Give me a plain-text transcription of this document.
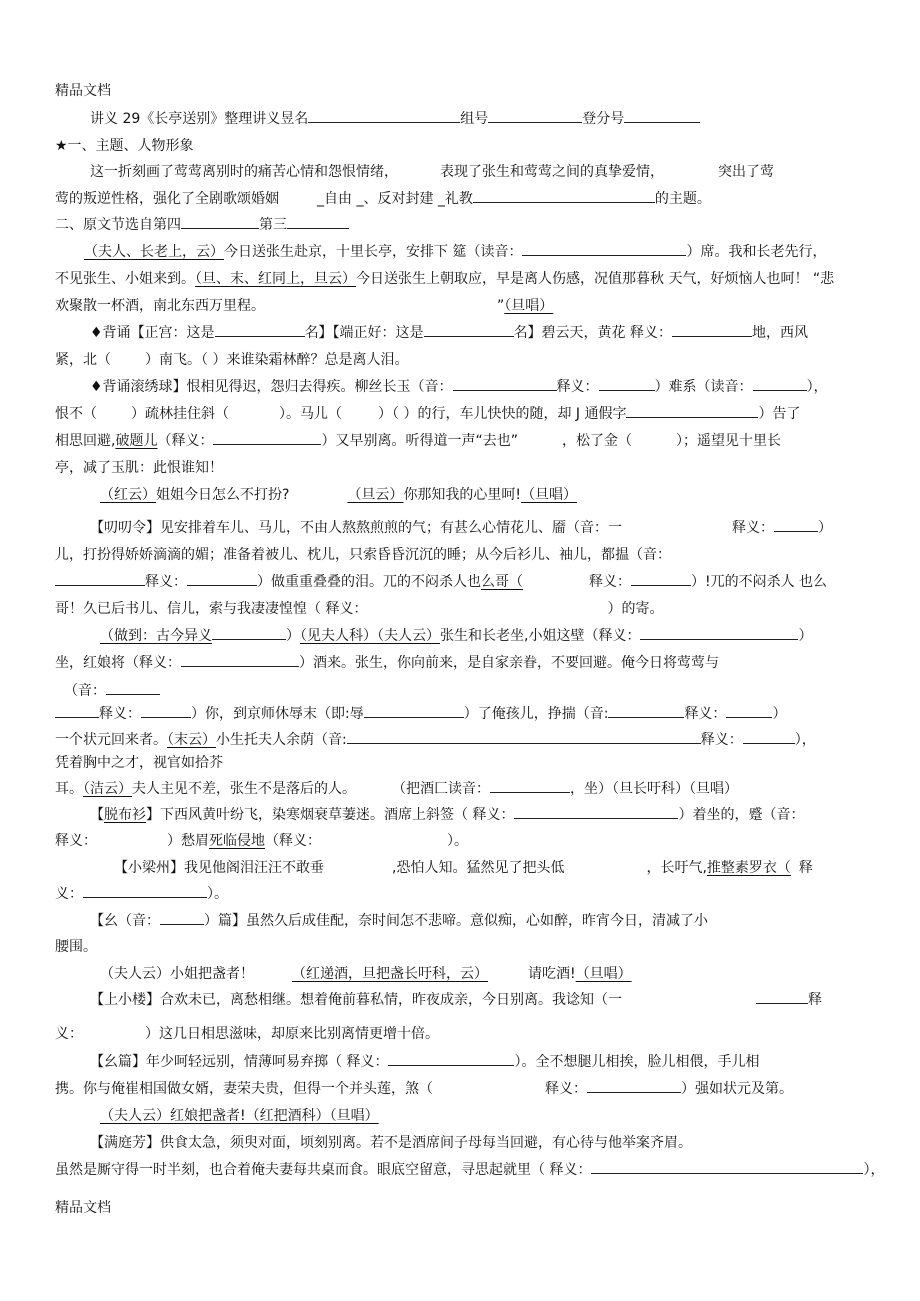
精品文档
讲义 29《长亭送别》整理讲义昱名	组号	登分号
★一、主题、人物形象
这一折刻画了莺莺离别时的痛苦心情和怨恨情绪，	表现了张生和莺莺之间的真挚爱情，	突出了莺
莺的叛逆性格，强化了全剧歌颂婚姻	_自由 _、反对封建 _礼教	的主题。
二、原文节选自第四	第三
（夫人、长老上，云）今日送张生赴京，十里长亭，安排下 筵（读音：	）席。我和长老先行，
不见张生、小姐来到。（旦、末、红同上，旦云）今日送张生上朝取应，早是离人伤感，况值那暮秋 天气，好烦恼人也呵！ “悲
欢聚散一杯酒，南北东西万里程。	”（旦唱）
♦背诵【正宫：这是	名】【端正好：这是	名】碧云天，黄花 释义：	地，西风
紧，北（ ）南飞。（ ）来谁染霜林醉？总是离人泪。
♦背诵滚绣球】恨相见得迟，怨归去得疾。柳丝长玉（音：	释义：	）难系（读音：	），
恨不（ ）疏林挂住斜（	）。马儿（	）（ ）的行，车儿快快的随，却 J 通假字	）告了
相思回避,破题儿（释义：	）又早别离。听得道一声“去也”	，松了金（	）；遥望见十里长
亭，减了玉肌：此恨谁知！
（红云）姐姐今日怎么不打扮?	（旦云）你那知我的心里呵!（旦唱）
【叨叨令】见安排着车儿、马儿，不由人熬熬煎煎的气；有甚么心情花儿、靥（音：一	释义：	）
儿，打扮得娇娇滴滴的媚；准备着被儿、枕儿，只索昏昏沉沉的睡；从今后衫儿、袖儿，都揾（音：
释义：	）做重重叠叠的泪。兀的不闷杀人也么哥（	释义：	）!兀的不闷杀人 也么
哥！久已后书儿、信儿，索与我凄凄惶惶（ 释义：	）的寄。
（做到：古今异义	）（见夫人科）（夫人云）张生和长老坐,小姐这壁（释义：	）
坐，红娘将（释义：	）酒来。张生，你向前来，是自家亲眷，不要回避。俺今日将莺莺与
（音：
释义：	）你，到京师休辱末（即:辱	）了俺孩儿，挣揣（音:	释义：	）
一个状元回来者。（末云）小生托夫人余荫（音:	释义：	），
凭着胸中之才，视官如拾芥
耳。（洁云）夫人主见不差，张生不是落后的人。	（把酒匚读音：	，坐）（旦长吁科）（旦唱）
【脱布衫】下西风黄叶纷飞，染寒烟衰草萋迷。酒席上斜签（ 释义：	）着坐的，蹙（音：
释义：	）愁眉死临侵地（释义：	）。
【小梁州】我见他阁泪汪汪不敢垂	,恐怕人知。猛然见了把头低	，长吁气,推整素罗衣（ 释
义：	）。
【幺（音：	）篇】虽然久后成佳配，奈时间怎不悲啼。意似痴，心如醉，昨宵今日，清减了小
腰围。
（夫人云）小姐把盏者！	（红递酒，旦把盏长吁科，云）	请吃酒!（旦唱）
【上小楼】合欢未已，离愁相继。想着俺前暮私情，昨夜成亲，今日别离。我谂知（一	释
义：	）这几日相思滋味，却原来比别离情更增十倍。
【幺篇】年少呵轻远别，情薄呵易弃掷（ 释义：	）。全不想腿儿相挨，脸儿相偎，手儿相
携。你与俺崔相国做女婿，妻荣夫贵，但得一个并头莲，煞（	释义：	）强如状元及第。
（夫人云）红娘把盏者!（红把酒科）（旦唱）
【满庭芳】供食太急，须臾对面，顷刻别离。若不是酒席间子母每当回避，有心待与他举案齐眉。
虽然是厮守得一时半刻，也合着俺夫妻每共桌而食。眼底空留意，寻思起就里（ 释义：	），
精品文档
